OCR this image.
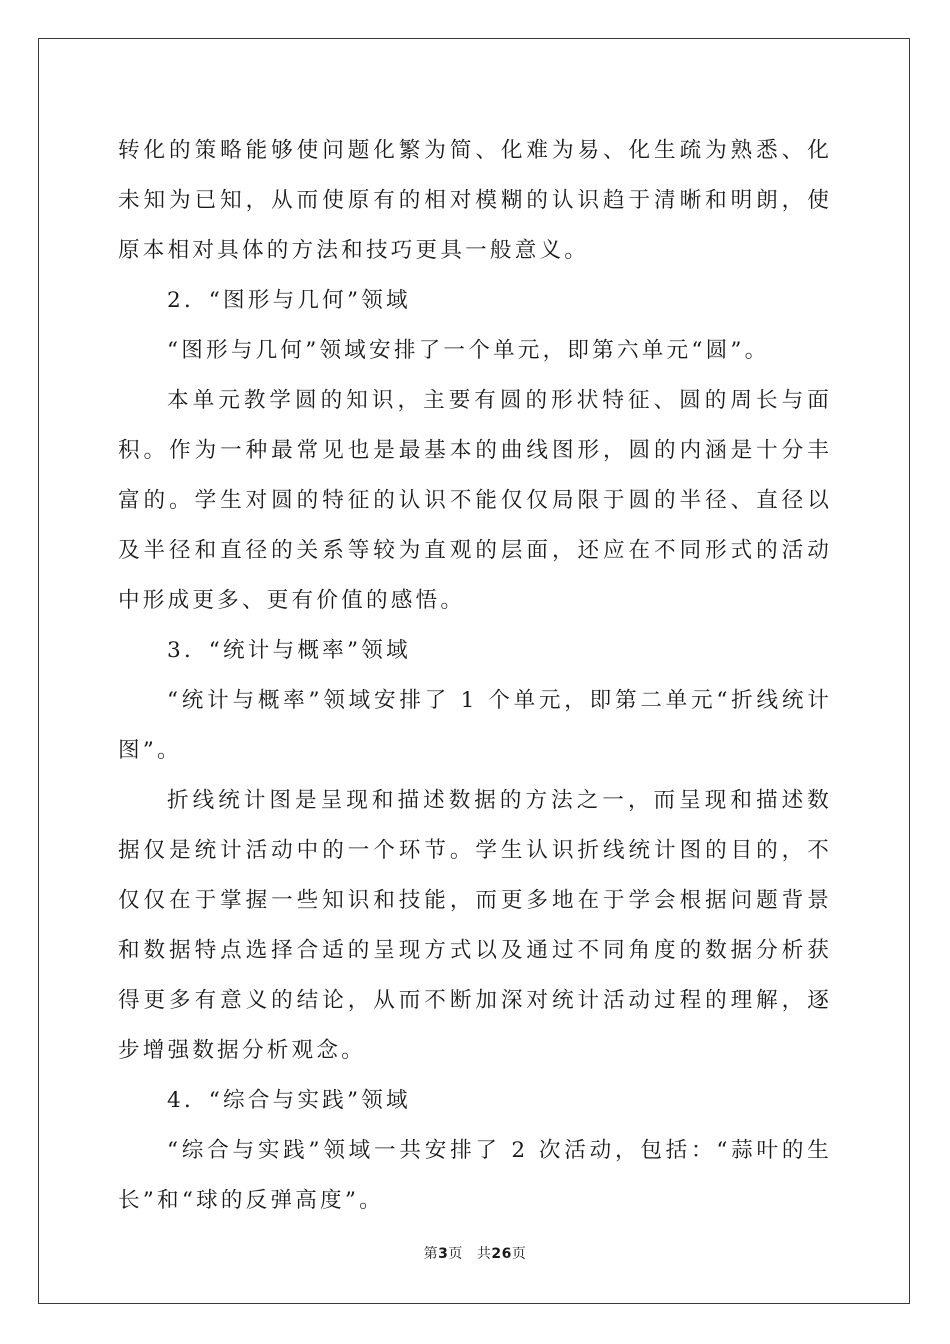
转化的策略能够使问题化繁为简、化难为易、化生疏为熟悉、化未知为已知，从而使原有的相对模糊的认识趋于清晰和明朗，使原本相对具体的方法和技巧更具一般意义。

2．“图形与几何”领域

“图形与几何”领域安排了一个单元，即第六单元“圆”。

本单元教学圆的知识，主要有圆的形状特征、圆的周长与面积。作为一种最常见也是最基本的曲线图形，圆的内涵是十分丰富的。学生对圆的特征的认识不能仅仅局限于圆的半径、直径以及半径和直径的关系等较为直观的层面，还应在不同形式的活动中形成更多、更有价值的感悟。

3．“统计与概率”领域

“统计与概率”领域安排了 1 个单元，即第二单元“折线统计图”。

折线统计图是呈现和描述数据的方法之一，而呈现和描述数据仅是统计活动中的一个环节。学生认识折线统计图的目的，不仅仅在于掌握一些知识和技能，而更多地在于学会根据问题背景和数据特点选择合适的呈现方式以及通过不同角度的数据分析获得更多有意义的结论，从而不断加深对统计活动过程的理解，逐步增强数据分析观念。

4．“综合与实践”领域

“综合与实践”领域一共安排了 2 次活动，包括：“蒜叶的生长”和“球的反弹高度”。

第3页 共26页
